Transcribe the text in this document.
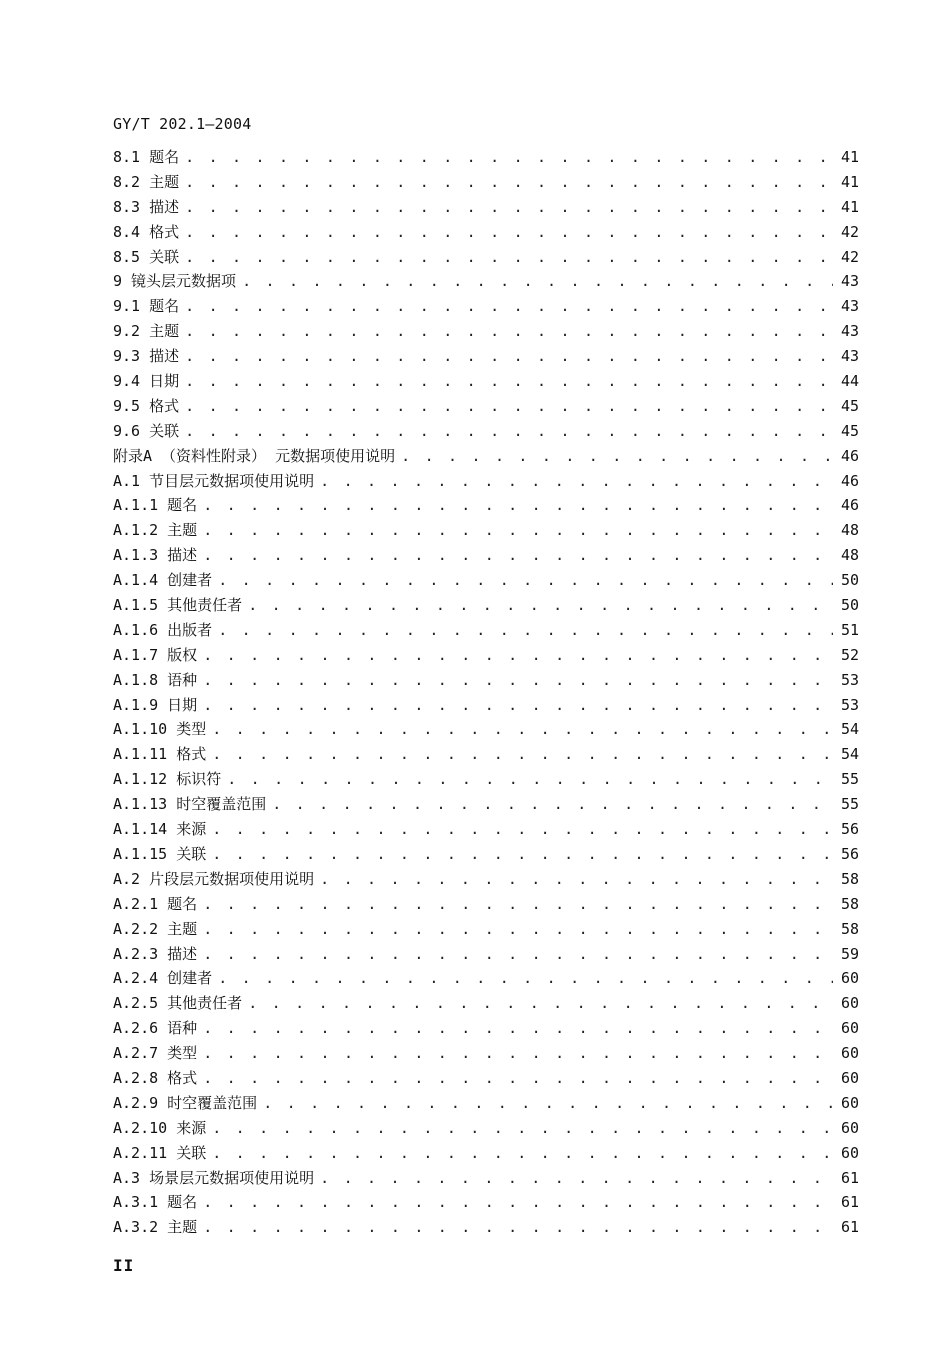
GY/T 202.1—2004
8.1 题名 . . .	41
8.2 主题 . . .	41
8.3 描述 . . .	41
8.4 格式 . . .	42
8.5 关联 . . .	42
9 镜头层元数据项 . . .	43
9.1 题名 . . .	43
9.2 主题 . . .	43
9.3 描述 . . .	43
9.4 日期 . . .	44
9.5 格式 . . .	45
9.6 关联 . . .	45
附录A （资料性附录） 元数据项使用说明 . . .	46
A.1 节目层元数据项使用说明 . . .	46
A.1.1 题名 . . .	46
A.1.2 主题 . . .	48
A.1.3 描述 . . .	48
A.1.4 创建者 . . .	50
A.1.5 其他责任者 . . .	50
A.1.6 出版者 . . .	51
A.1.7 版权 . . .	52
A.1.8 语种 . . .	53
A.1.9 日期 . . .	53
A.1.10 类型 . . .	54
A.1.11 格式 . . .	54
A.1.12 标识符 . . .	55
A.1.13 时空覆盖范围 . . .	55
A.1.14 来源 . . .	56
A.1.15 关联 . . .	56
A.2 片段层元数据项使用说明 . . .	58
A.2.1 题名 . . .	58
A.2.2 主题 . . .	58
A.2.3 描述 . . .	59
A.2.4 创建者 . . .	60
A.2.5 其他责任者 . . .	60
A.2.6 语种 . . .	60
A.2.7 类型 . . .	60
A.2.8 格式 . . .	60
A.2.9 时空覆盖范围 . . .	60
A.2.10 来源 . . .	60
A.2.11 关联 . . .	60
A.3 场景层元数据项使用说明 . . .	61
A.3.1 题名 . . .	61
A.3.2 主题 . . .	61
II
